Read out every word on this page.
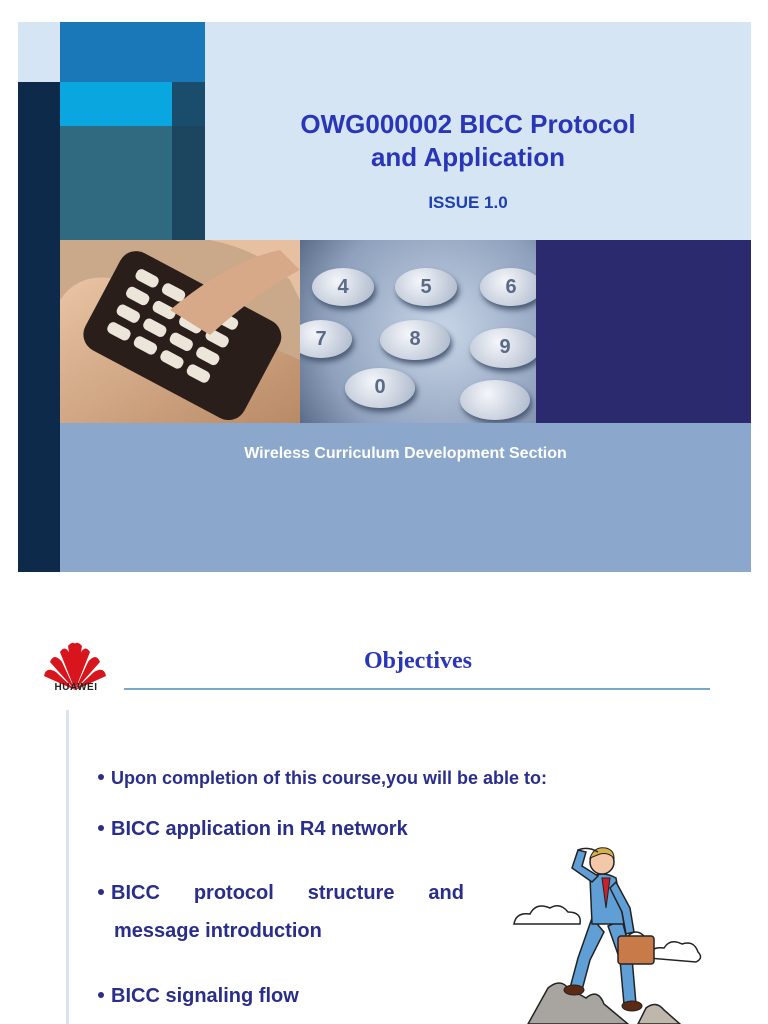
OWG000002 BICC Protocol
and Application
ISSUE 1.0
4	5	6
7	8	9
0
Wireless Curriculum Development Section
HUAWEI
Objectives
Upon completion of this course,you will be able to:
BICC application in R4 network
BICC protocol structure and
message introduction
BICC signaling flow
